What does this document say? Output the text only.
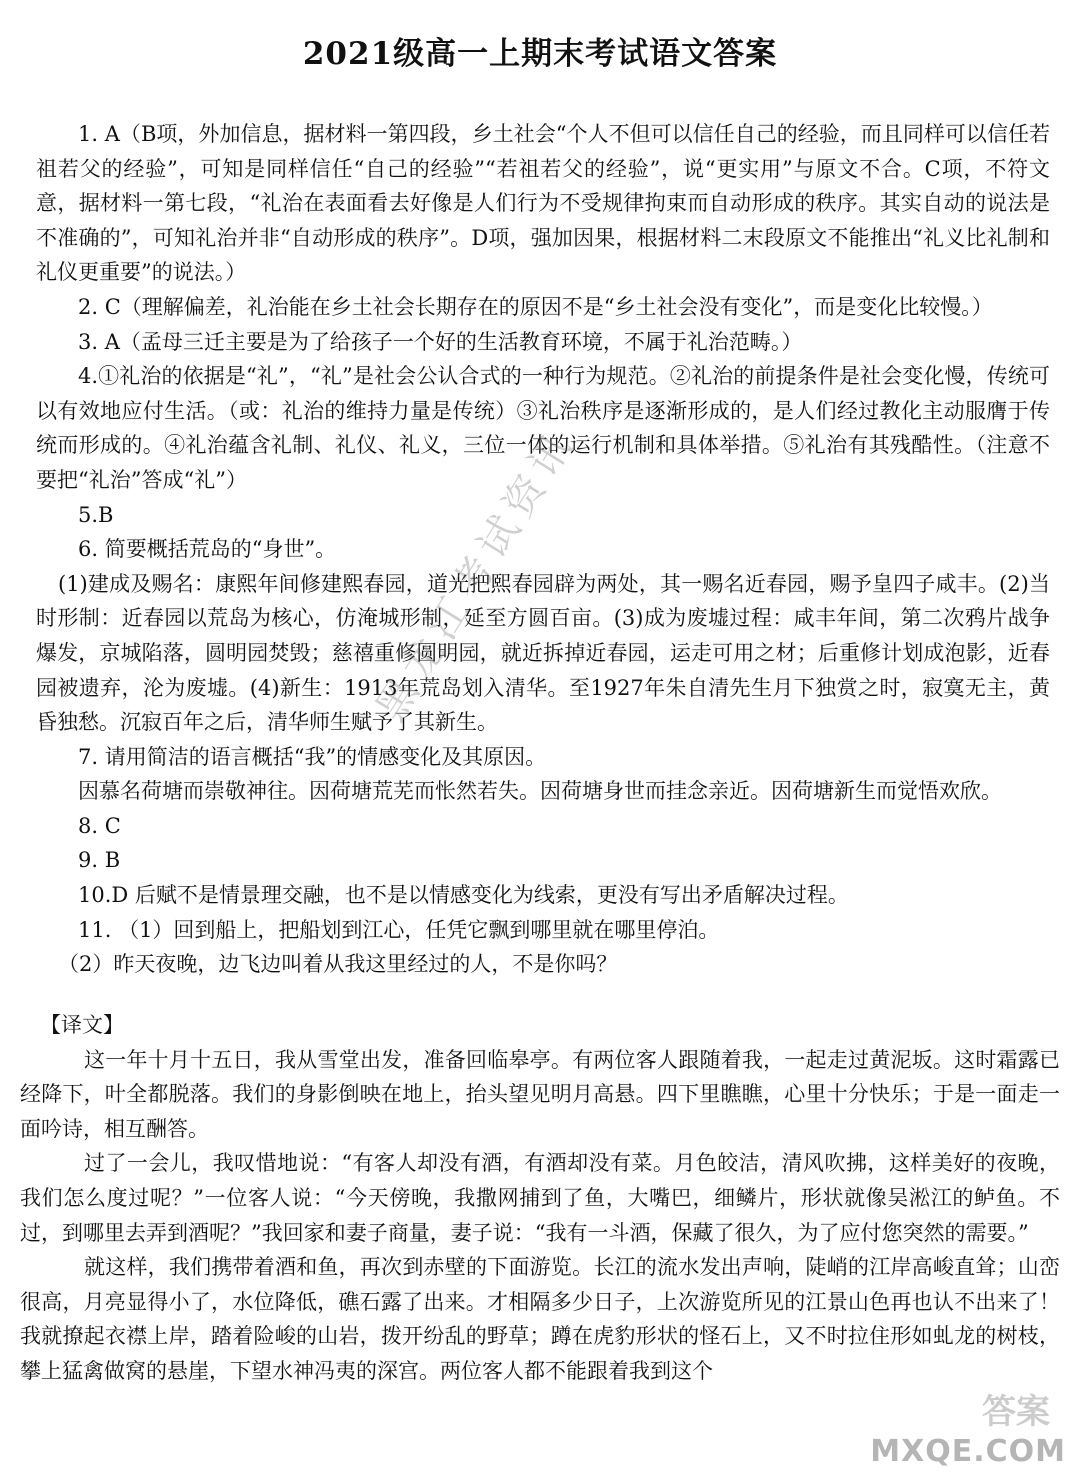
2021级高一上期末考试语文答案

1. A（B项，外加信息，据材料一第四段，乡土社会“个人不但可以信任自己的经验，而且同样可以信任若祖若父的经验”，可知是同样信任“自己的经验”“若祖若父的经验”，说“更实用”与原文不合。C项，不符文意，据材料一第七段，“礼治在表面看去好像是人们行为不受规律拘束而自动形成的秩序。其实自动的说法是不准确的”，可知礼治并非“自动形成的秩序”。D项，强加因果，根据材料二末段原文不能推出“礼义比礼制和礼仪更重要”的说法。）

2. C（理解偏差，礼治能在乡土社会长期存在的原因不是“乡土社会没有变化”，而是变化比较慢。）

3. A（孟母三迁主要是为了给孩子一个好的生活教育环境，不属于礼治范畴。）

4.①礼治的依据是“礼”，“礼”是社会公认合式的一种行为规范。②礼治的前提条件是社会变化慢，传统可以有效地应付生活。（或：礼治的维持力量是传统）③礼治秩序是逐渐形成的，是人们经过教化主动服膺于传统而形成的。④礼治蕴含礼制、礼仪、礼义，三位一体的运行机制和具体举措。⑤礼治有其残酷性。（注意不要把“礼治”答成“礼”）

5.B

6. 简要概括荒岛的“身世”。

(1)建成及赐名：康熙年间修建熙春园，道光把熙春园辟为两处，其一赐名近春园，赐予皇四子咸丰。(2)当时形制：近春园以荒岛为核心，仿淹城形制，延至方圆百亩。(3)成为废墟过程：咸丰年间，第二次鸦片战争爆发，京城陷落，圆明园焚毁；慈禧重修圆明园，就近拆掉近春园，运走可用之材；后重修计划成泡影，近春园被遗弃，沦为废墟。(4)新生：1913年荒岛划入清华。至1927年朱自清先生月下独赏之时，寂寞无主，黄昏独愁。沉寂百年之后，清华师生赋予了其新生。

7. 请用简洁的语言概括“我”的情感变化及其原因。

因慕名荷塘而崇敬神往。因荷塘荒芜而怅然若失。因荷塘身世而挂念亲近。因荷塘新生而觉悟欢欣。

8. C

9. B

10.D 后赋不是情景理交融，也不是以情感变化为线索，更没有写出矛盾解决过程。

11. （1）回到船上，把船划到江心，任凭它飘到哪里就在哪里停泊。

（2）昨天夜晚，边飞边叫着从我这里经过的人，不是你吗？

【译文】

这一年十月十五日，我从雪堂出发，准备回临皋亭。有两位客人跟随着我，一起走过黄泥坂。这时霜露已经降下，叶全都脱落。我们的身影倒映在地上，抬头望见明月高悬。四下里瞧瞧，心里十分快乐；于是一面走一面吟诗，相互酬答。

过了一会儿，我叹惜地说：“有客人却没有酒，有酒却没有菜。月色皎洁，清风吹拂，这样美好的夜晚，我们怎么度过呢？”一位客人说：“今天傍晚，我撒网捕到了鱼，大嘴巴，细鳞片，形状就像吴淞江的鲈鱼。不过，到哪里去弄到酒呢？”我回家和妻子商量，妻子说：“我有一斗酒，保藏了很久，为了应付您突然的需要。”

就这样，我们携带着酒和鱼，再次到赤壁的下面游览。长江的流水发出声响，陡峭的江岸高峻直耸；山峦很高，月亮显得小了，水位降低，礁石露了出来。才相隔多少日子，上次游览所见的江景山色再也认不出来了！我就撩起衣襟上岸，踏着险峻的山岩，拨开纷乱的野草；蹲在虎豹形状的怪石上，又不时拉住形如虬龙的树枝，攀上猛禽做窝的悬崖，下望水神冯夷的深宫。两位客人都不能跟着我到这个

黑龙江考试资讯
答案
MXQE.COM
